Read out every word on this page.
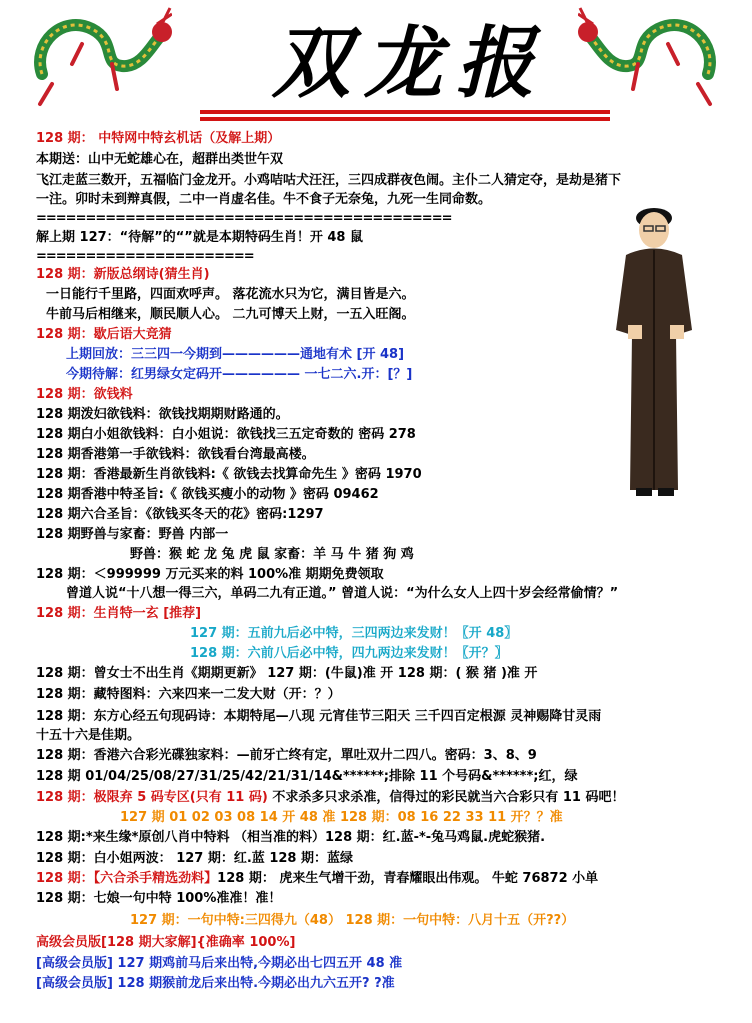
双龙报
128 期： 中特网中特玄机话（及解上期）
本期送：山中无蛇雄心在，超群出类世午双
飞江走蓝三数开，五福临门金龙开。小鸡咭咕犬汪汪，三四成群夜色闹。主仆二人猜定夺，是劫是猪下
一注。卯时未到辩真假，二中一肖虚名佳。牛不食子无奈兔，九死一生同命数。
==========================================
解上期 127：“待解”的“”就是本期特码生肖！开 48 鼠
======================
128 期：新版总纲诗(猜生肖)
一日能行千里路，四面欢呼声。 落花流水只为它，满目皆是六。
牛前马后相继来，顺民顺人心。 二九可博天上财，一五入旺阁。
128 期：歇后语大竞猜
上期回放：三三四一今期到——————通地有术 [开 48]
今期待解：红男绿女定码开—————— 一七二六.开：[？]
128 期：欲钱料
128 期泼妇欲钱料：欲钱找期期财路通的。
128 期白小姐欲钱料：白小姐说：欲钱找三五定奇数的 密码 278
128 期香港第一手欲钱料：欲钱看台湾最高楼。
128 期：香港最新生肖欲钱料:《 欲钱去找算命先生 》密码 1970
128 期香港中特圣旨:《 欲钱买瘦小的动物 》密码 09462
128 期六合圣旨：《欲钱买冬天的花》密码:1297
128 期野兽与家畜：野兽 内部一
野兽：猴 蛇 龙 兔 虎 鼠 家畜：羊 马 牛 猪 狗 鸡
128 期：＜999999 万元买来的料 100%准 期期免费领取
曾道人说“十八想一得三六，单码二九有正道。” 曾道人说：“为什么女人上四十岁会经常偷情？”
128 期：生肖特一玄 [推荐]
127 期：五前九后必中特，三四两边来发财！〖开 48〗
128 期：六前八后必中特，四九两边来发财！〖开？〗
128 期：曾女士不出生肖《期期更新》 127 期：(牛鼠)准 开 128 期：( 猴 猪 )准 开
128 期：藏特图料：六来四来一二发大财（开：？）
128 期：东方心经五句现码诗：本期特尾—八现 元宵佳节三阳天 三千四百定根源 灵神赐降甘灵雨
十五十六是佳期。
128 期：香港六合彩光碟独家料：—前牙亡终有定，單吐双廾二四八。密码：3、8、9
128 期 01/04/25/08/27/31/25/42/21/31/14&******;排除 11 个号码&******;红，绿
128 期：极限弃 5 码专区(只有 11 码) 不求杀多只求杀准，信得过的彩民就当六合彩只有 11 码吧！
127 期 01 02 03 08 14 开 48 准 128 期：08 16 22 33 11 开？？准
128 期:*来生缘*原创八肖中特料 （相当准的料）128 期：红.蓝-*-兔马鸡鼠.虎蛇猴猪.
128 期：白小姐两波： 127 期：红.蓝 128 期：蓝绿
128 期：【六合杀手精选劲料】128 期： 虎来生气增干劲，青春耀眼出伟观。 牛蛇 76872 小单
128 期：七娘一句中特 100%准准！准！
127 期：一句中特:三四得九（48） 128 期：一句中特：八月十五（开??）
高级会员版[128 期大家解]{准确率 100%]
[高级会员版] 127 期鸡前马后来出特,今期必出七四五开 48 准
[高级会员版] 128 期猴前龙后来出特.今期必出九六五开? ?准
